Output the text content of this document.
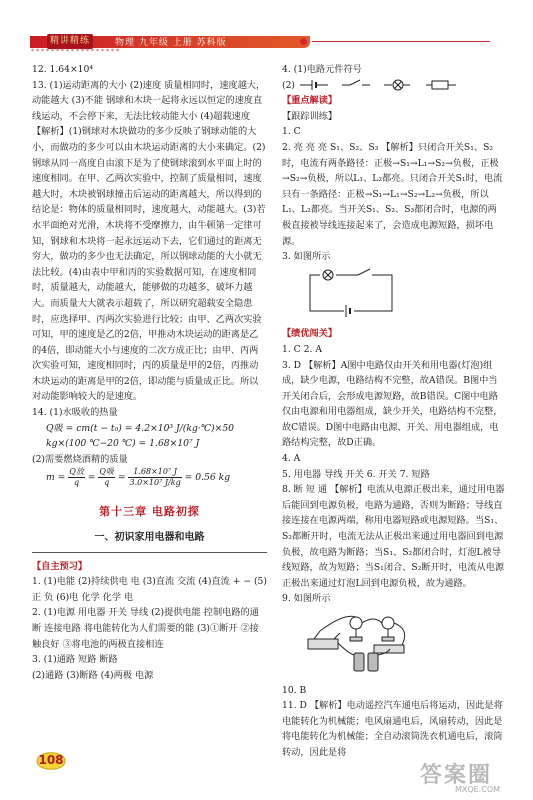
精讲精练	物理 九年级 上册 苏科版

12. 1.64×10⁴

13. (1)运动距离的大小 (2)速度 质量相同时，速度越大，动能越大 (3)不能 钢球和木块一起将永远以恒定的速度直线运动，不会停下来，无法比较动能大小 (4)超载速度

【解析】(1)钢球对木块做功的多少反映了钢球动能的大小，而做功的多少可以由木块运动距离的大小来确定。(2)钢球从同一高度自由滚下是为了使钢球滚到水平面上时的速度相同。在甲、乙两次实验中，控制了质量相同，速度越大时，木块被钢球撞击后运动的距离越大，所以得到的结论是：物体的质量相同时，速度越大，动能越大。(3)若水平面绝对光滑，木块将不受摩擦力，由牛顿第一定律可知，钢球和木块将一起永远运动下去，它们通过的距离无穷大，做功的多少也无法确定，所以钢球动能的大小就无法比较。(4)由表中甲和丙的实验数据可知，在速度相同时，质量越大，动能越大，能够做的功越多，破坏力越大。而质量大大就表示超载了，所以研究超载安全隐患时，应选择甲、丙两次实验进行比较；由甲、乙两次实验可知，甲的速度是乙的2倍，甲推动木块运动的距离是乙的4倍，即动能大小与速度的二次方成正比；由甲、丙两次实验可知，速度相同时，丙的质量是甲的2倍，丙推动木块运动的距离是甲的2倍，即动能与质量成正比。所以对动能影响较大的是速度。

14. (1)水吸收的热量

Q吸 = cm(t − t₀) = 4.2×10³ J/(kg·℃)×50 kg×(100 ℃−20 ℃) = 1.68×10⁷ J

(2)需要燃烧酒精的质量

$m = \frac{\text{Q放}}{q} = \frac{\text{Q吸}}{q} = \frac{\text{1.68×10⁷ J}}{\text{3.0×10⁷ J/kg}} = 0.56$ kg

第十三章 电路初探
一、初识家用电器和电路

【自主预习】

1. (1)电能 (2)持续供电 电 (3)直流 交流 (4)直流 + − (5)正 负 (6)电 化学 化学 电

2. (1)电源 用电器 开关 导线 (2)提供电能 控制电路的通断 连接电路 将电能转化为人们需要的能 (3)①断开 ②接触良好 ③将电池的两极直接相连

3. (1)通路 短路 断路

(2)通路 (3)断路 (4)两极 电源

4. (1)电路元件符号

(2)

【重点解读】

【跟踪训练】

1. C

2. 亮 亮 亮 S₁、S₂、S₃ 【解析】只闭合开关S₁、S₂时，电流有两条路径：正极→S₁→L₁→S₂→负极，正极→S₂→负极，所以L₁、L₂都亮。只闭合开关S₁时，电流只有一条路径：正极→S₁→L₁→S₂→L₂→负极，所以L₁、L₂都亮。当开关S₁、S₂、S₃都闭合时，电源的两极直接被导线连接起来了，会造成电源短路，损坏电源。

3. 如图所示

【绩优闯关】

1. C 2. A

3. D 【解析】A图中电路仅由开关和用电器(灯泡)组成，缺少电源，电路结构不完整，故A错误。B图中当开关闭合后，会形成电源短路，故B错误。C图中电路仅由电源和用电器组成，缺少开关，电路结构不完整，故C错误。D图中电路由电源、开关、用电器组成，电路结构完整，故D正确。

4. A

5. 用电器 导线 开关 6. 开关 7. 短路

8. 断 短 通 【解析】电流从电源正极出来，通过用电器后能回到电源负极，电路为通路，否则为断路；导线直接连接在电源两端，称用电器短路或电源短路。当S₁、S₂都断开时，电流无法从正极出来通过用电器回到电源负极，故电路为断路；当S₁、S₂都闭合时，灯泡L被导线短路，故为短路；当S₁闭合、S₂断开时，电流从电源正极出来通过灯泡L回到电源负极，故为通路。

9. 如图所示

10. B

11. D 【解析】电动遥控汽车通电后将运动，因此是将电能转化为机械能；电风扇通电后，风扇转动，因此是将电能转化为机械能；全自动滚筒洗衣机通电后，滚筒转动，因此是将

108
答案圈
MXQE.COM
